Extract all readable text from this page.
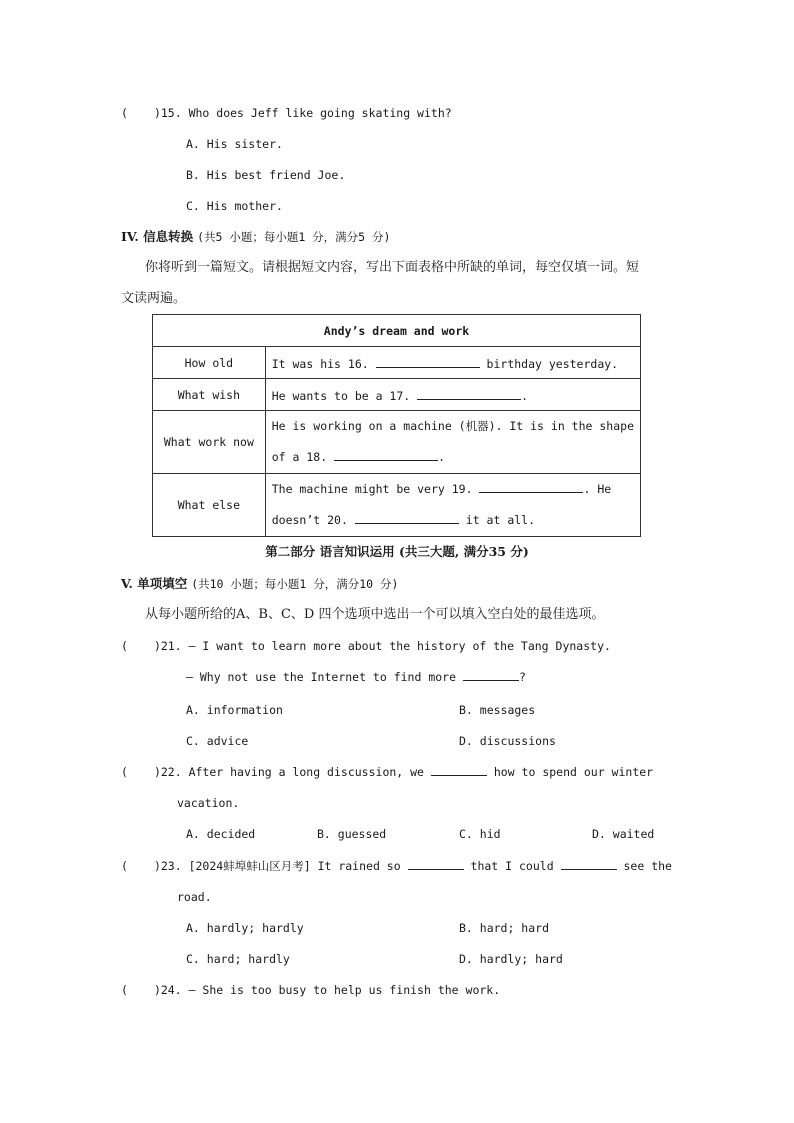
( )15. Who does Jeff like going skating with?
A. His sister.
B. His best friend Joe.
C. His mother.
IV. 信息转换 (共5 小题；每小题1 分，满分5 分)
你将听到一篇短文。请根据短文内容，写出下面表格中所缺的单词，每空仅填一词。短
文读两遍。
Andy’s dream and work	
How old	It was his 16. birthday yesterday.
What wish	He wants to be a 17. .
What work now	He is working on a machine (机器). It is in the shape
of a 18. .

What else	The machine might be very 19. . He
doesn’t 20. it at all.
第二部分 语言知识运用 (共三大题, 满分35 分)
V. 单项填空 (共10 小题；每小题1 分，满分10 分)
从每小题所给的A、B、C、D 四个选项中选出一个可以填入空白处的最佳选项。
( )21. — I want to learn more about the history of the Tang Dynasty.
— Why not use the Internet to find more	?
A. information	B. messages
C. advice	D. discussions
( )22. After having a long discussion, we	how to spend our winter
vacation.
A. decided	B. guessed	C. hid	D. waited
( )23. [2024蚌埠蚌山区月考] It rained so	that I could	see the
road.
A. hardly; hardly	B. hard; hard
C. hard; hardly	D. hardly; hard
( )24. — She is too busy to help us finish the work.
